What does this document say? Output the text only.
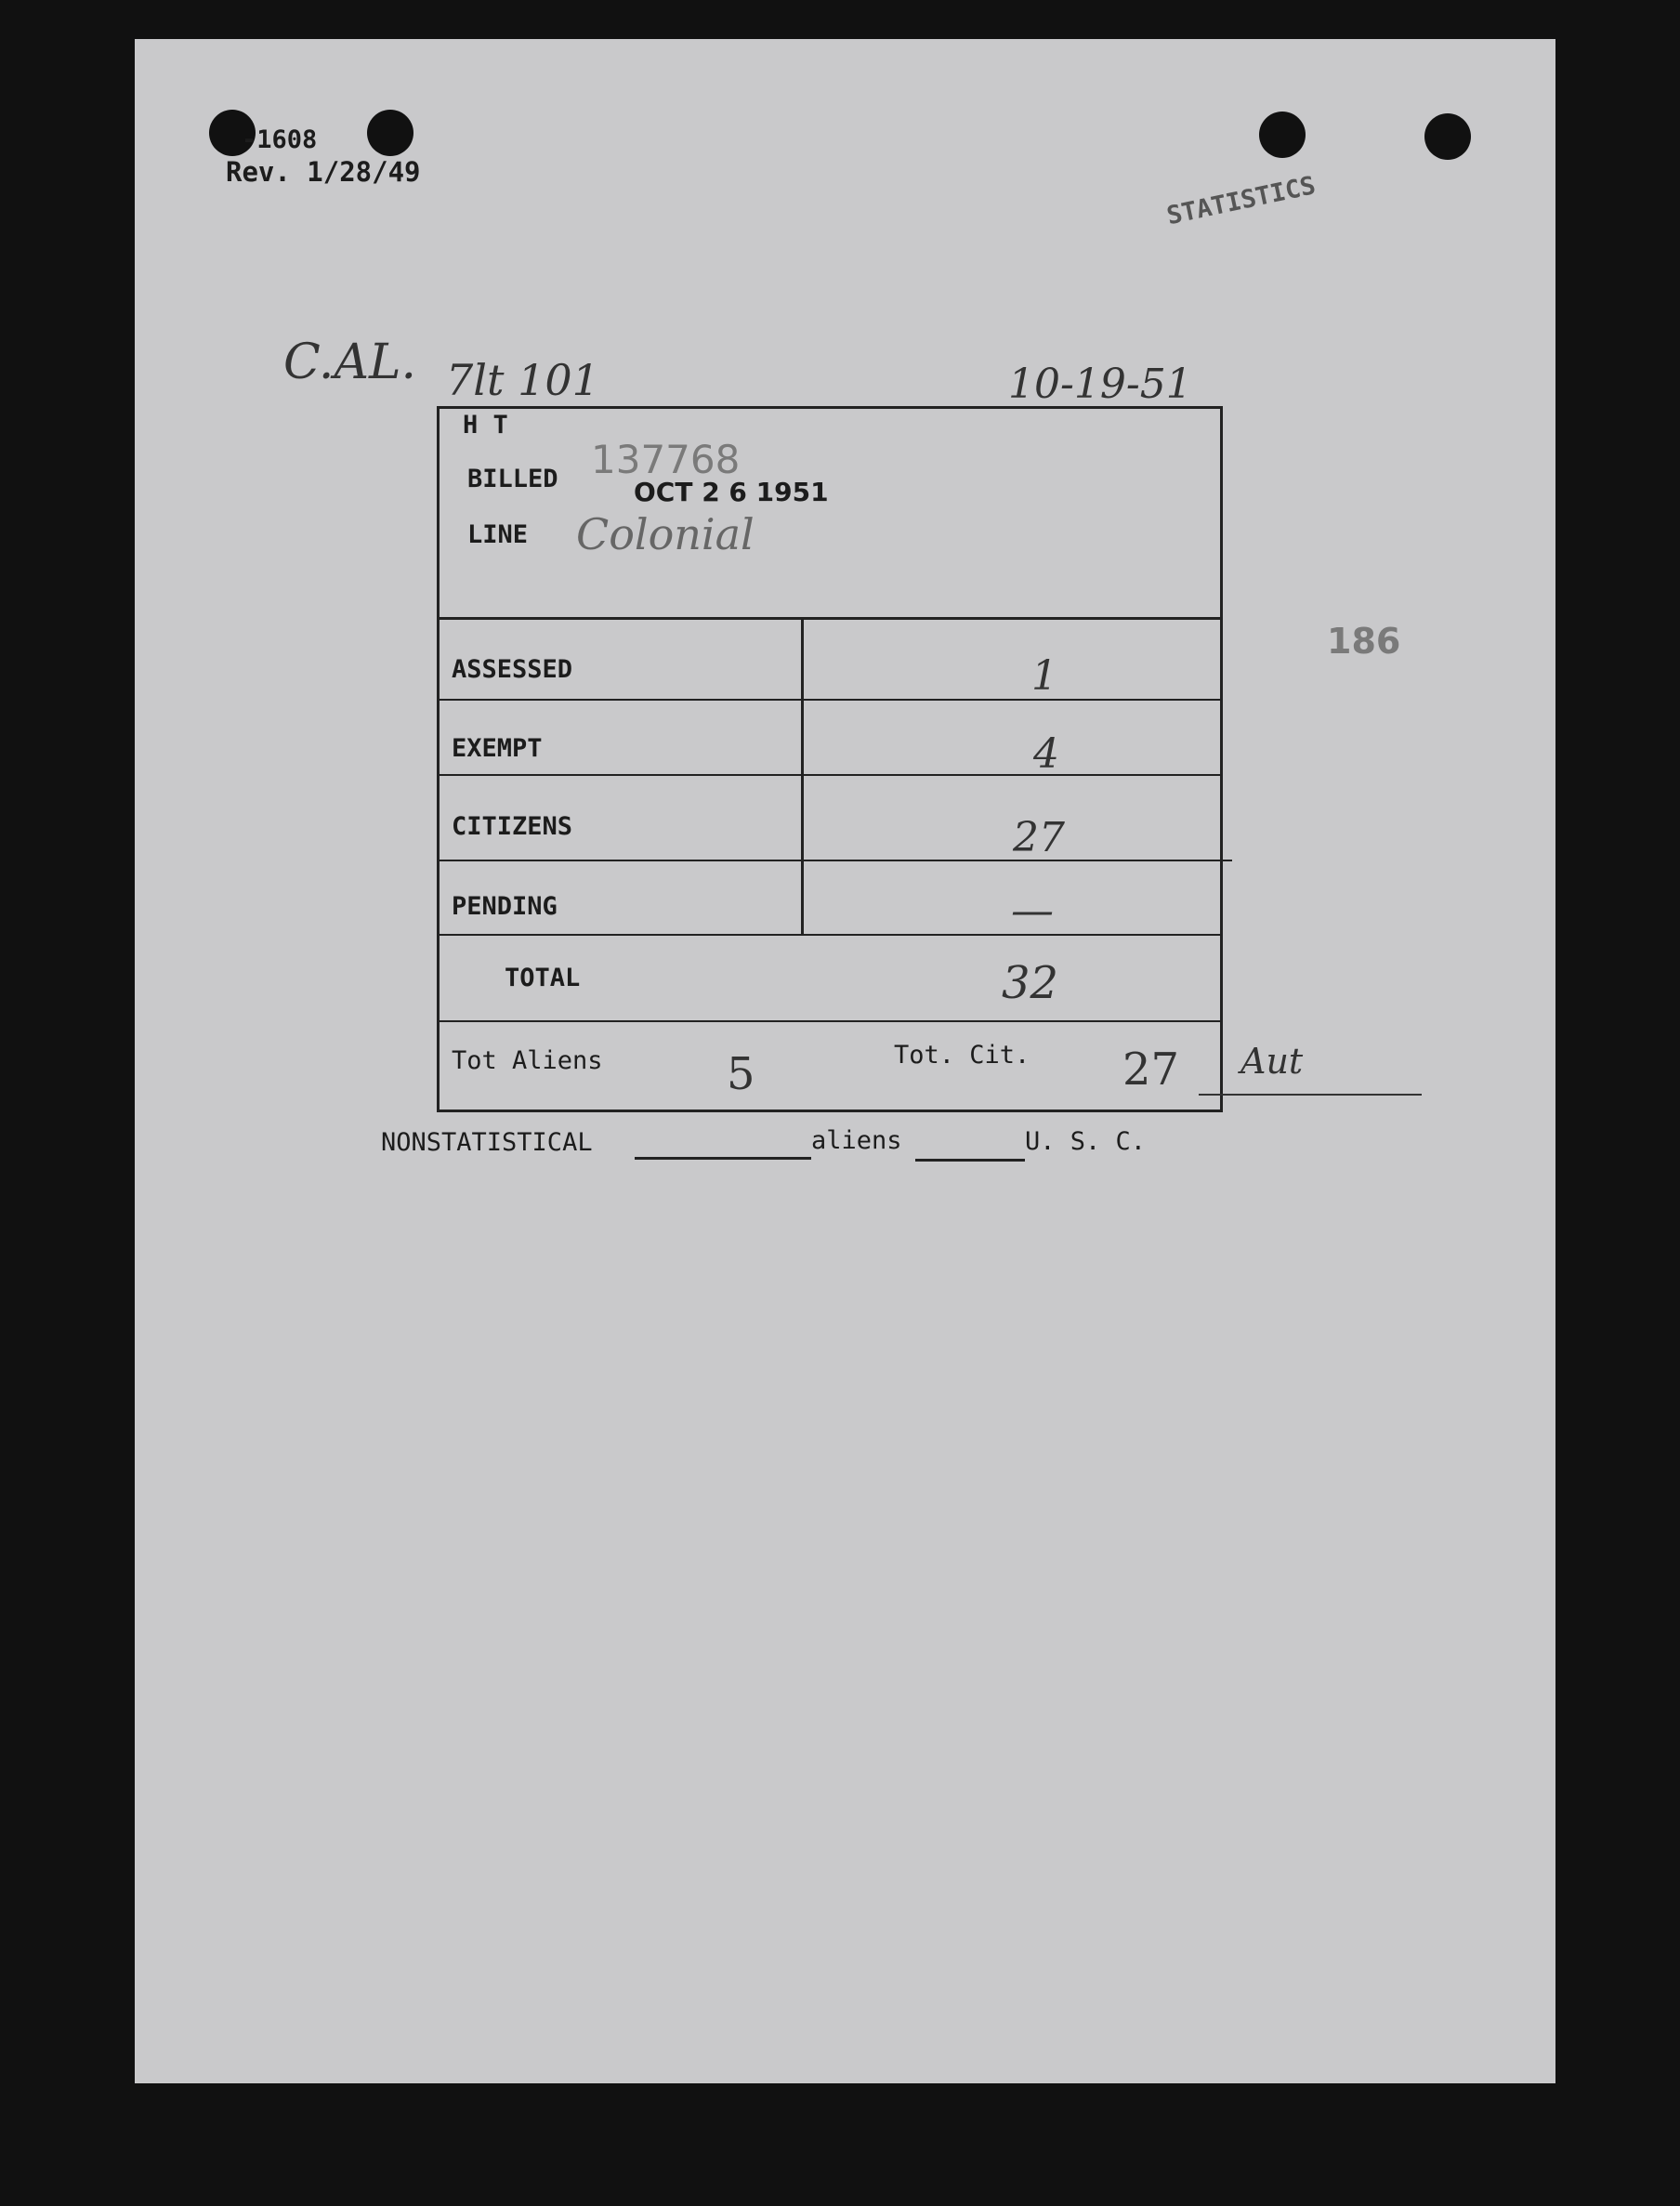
-1608
Rev. 1/28/49	STATISTICS
186
C.AL. 7lt 101	10-19-51
H T
BILLED 137768
OCT 2 6 1951
LINE Colonial
ASSESSED	1
EXEMPT	4
CITIZENS	27
PENDING	—
TOTAL	32
Tot Aliens	5	Tot. Cit. 27 Aut
NONSTATISTICAL	aliens	U. S. C.
